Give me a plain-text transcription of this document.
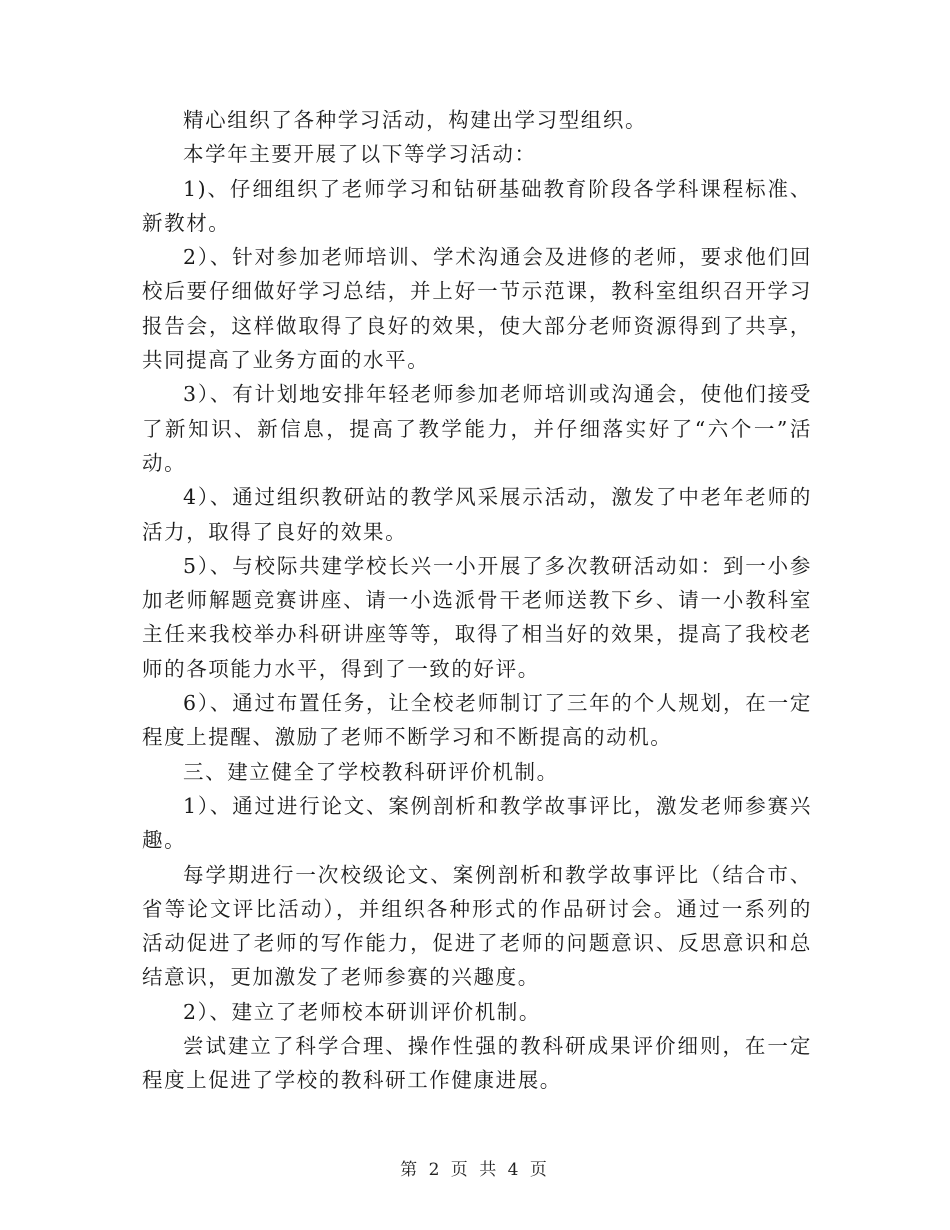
精心组织了各种学习活动，构建出学习型组织。

本学年主要开展了以下等学习活动：

1)、仔细组织了老师学习和钻研基础教育阶段各学科课程标准、新教材。

2）、针对参加老师培训、学术沟通会及进修的老师，要求他们回校后要仔细做好学习总结，并上好一节示范课，教科室组织召开学习报告会，这样做取得了良好的效果，使大部分老师资源得到了共享，共同提高了业务方面的水平。

3）、有计划地安排年轻老师参加老师培训或沟通会，使他们接受了新知识、新信息，提高了教学能力，并仔细落实好了“六个一”活动。

4）、通过组织教研站的教学风采展示活动，激发了中老年老师的活力，取得了良好的效果。

5）、与校际共建学校长兴一小开展了多次教研活动如：到一小参加老师解题竞赛讲座、请一小选派骨干老师送教下乡、请一小教科室主任来我校举办科研讲座等等，取得了相当好的效果，提高了我校老师的各项能力水平，得到了一致的好评。

6）、通过布置任务，让全校老师制订了三年的个人规划，在一定程度上提醒、激励了老师不断学习和不断提高的动机。

三、建立健全了学校教科研评价机制。

1）、通过进行论文、案例剖析和教学故事评比，激发老师参赛兴趣。

每学期进行一次校级论文、案例剖析和教学故事评比（结合市、省等论文评比活动），并组织各种形式的作品研讨会。通过一系列的活动促进了老师的写作能力，促进了老师的问题意识、反思意识和总结意识，更加激发了老师参赛的兴趣度。

2）、建立了老师校本研训评价机制。

尝试建立了科学合理、操作性强的教科研成果评价细则，在一定程度上促进了学校的教科研工作健康进展。

第 2 页 共 4 页
